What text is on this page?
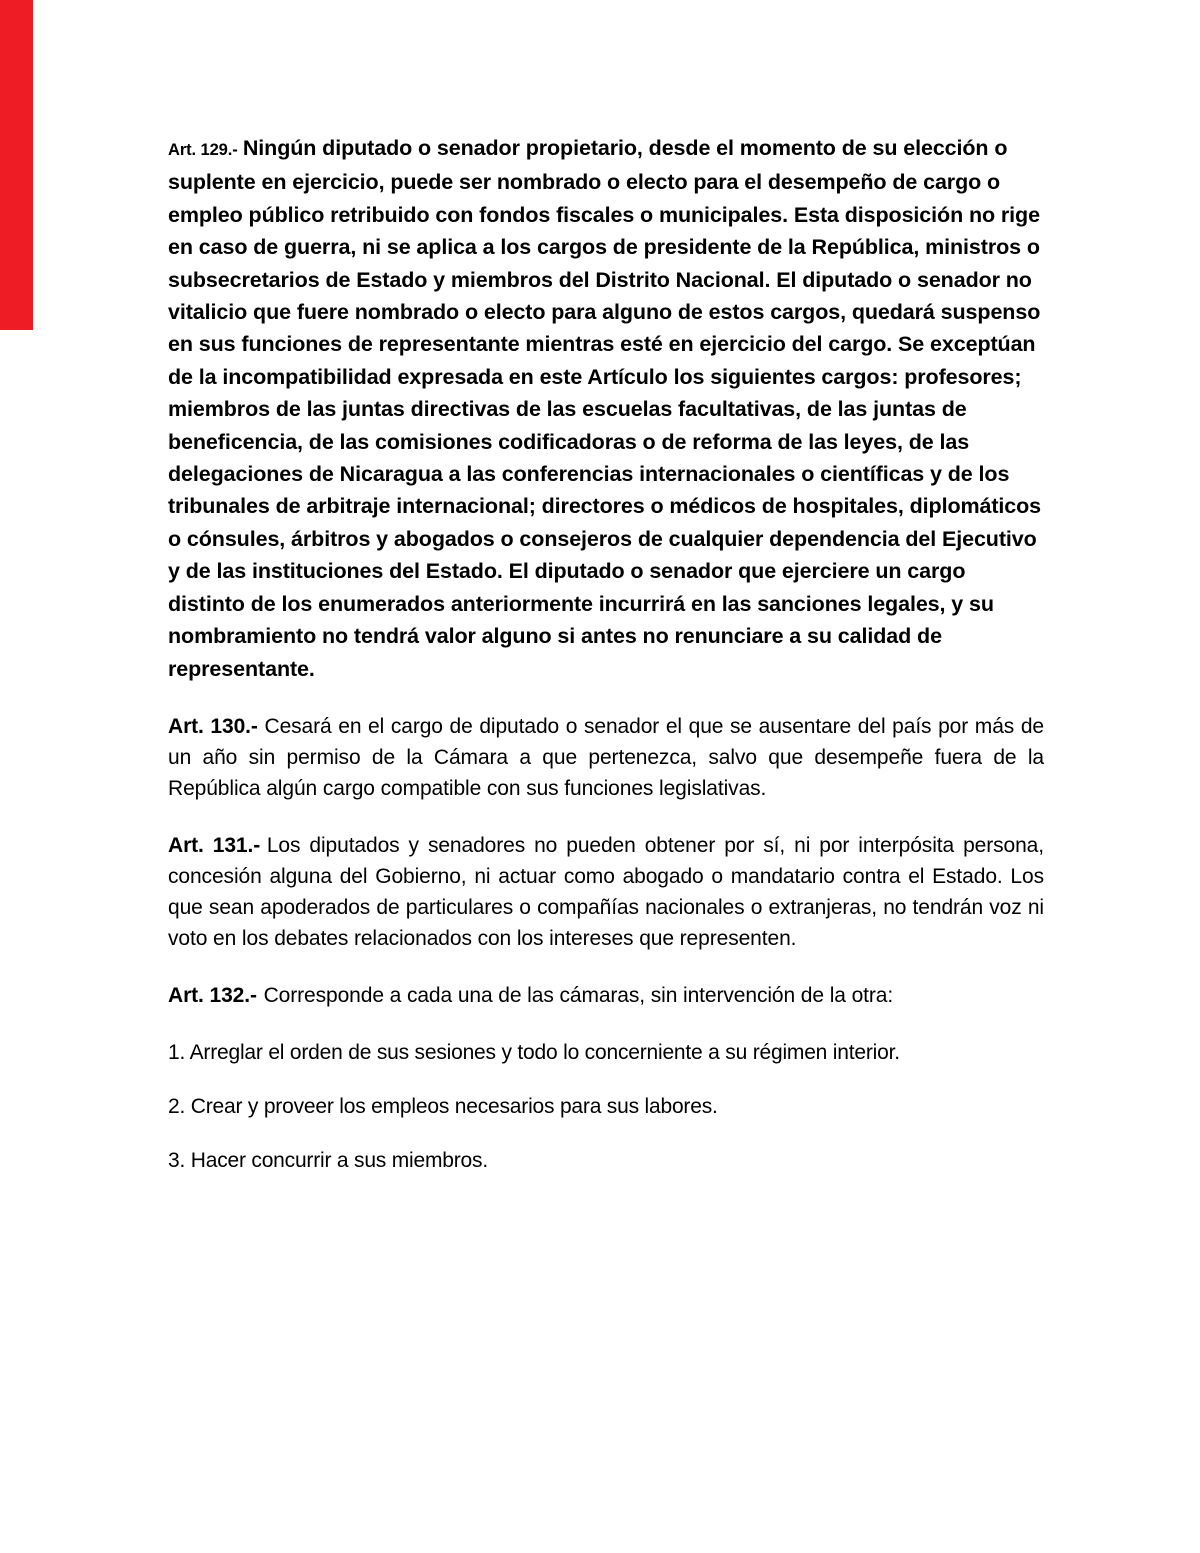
Art. 129.- Ningún diputado o senador propietario, desde el momento de su elección o suplente en ejercicio, puede ser nombrado o electo para el desempeño de cargo o empleo público retribuido con fondos fiscales o municipales. Esta disposición no rige en caso de guerra, ni se aplica a los cargos de presidente de la República, ministros o subsecretarios de Estado y miembros del Distrito Nacional. El diputado o senador no vitalicio que fuere nombrado o electo para alguno de estos cargos, quedará suspenso en sus funciones de representante mientras esté en ejercicio del cargo. Se exceptúan de la incompatibilidad expresada en este Artículo los siguientes cargos: profesores; miembros de las juntas directivas de las escuelas facultativas, de las juntas de beneficencia, de las comisiones codificadoras o de reforma de las leyes, de las delegaciones de Nicaragua a las conferencias internacionales o científicas y de los tribunales de arbitraje internacional; directores o médicos de hospitales, diplomáticos o cónsules, árbitros y abogados o consejeros de cualquier dependencia del Ejecutivo y de las instituciones del Estado. El diputado o senador que ejerciere un cargo distinto de los enumerados anteriormente incurrirá en las sanciones legales, y su nombramiento no tendrá valor alguno si antes no renunciare a su calidad de representante.

Art. 130.- Cesará en el cargo de diputado o senador el que se ausentare del país por más de un año sin permiso de la Cámara a que pertenezca, salvo que desempeñe fuera de la República algún cargo compatible con sus funciones legislativas.

Art. 131.- Los diputados y senadores no pueden obtener por sí, ni por interpósita persona, concesión alguna del Gobierno, ni actuar como abogado o mandatario contra el Estado. Los que sean apoderados de particulares o compañías nacionales o extranjeras, no tendrán voz ni voto en los debates relacionados con los intereses que representen.

Art. 132.- Corresponde a cada una de las cámaras, sin intervención de la otra:

1. Arreglar el orden de sus sesiones y todo lo concerniente a su régimen interior.

2. Crear y proveer los empleos necesarios para sus labores.

3. Hacer concurrir a sus miembros.
